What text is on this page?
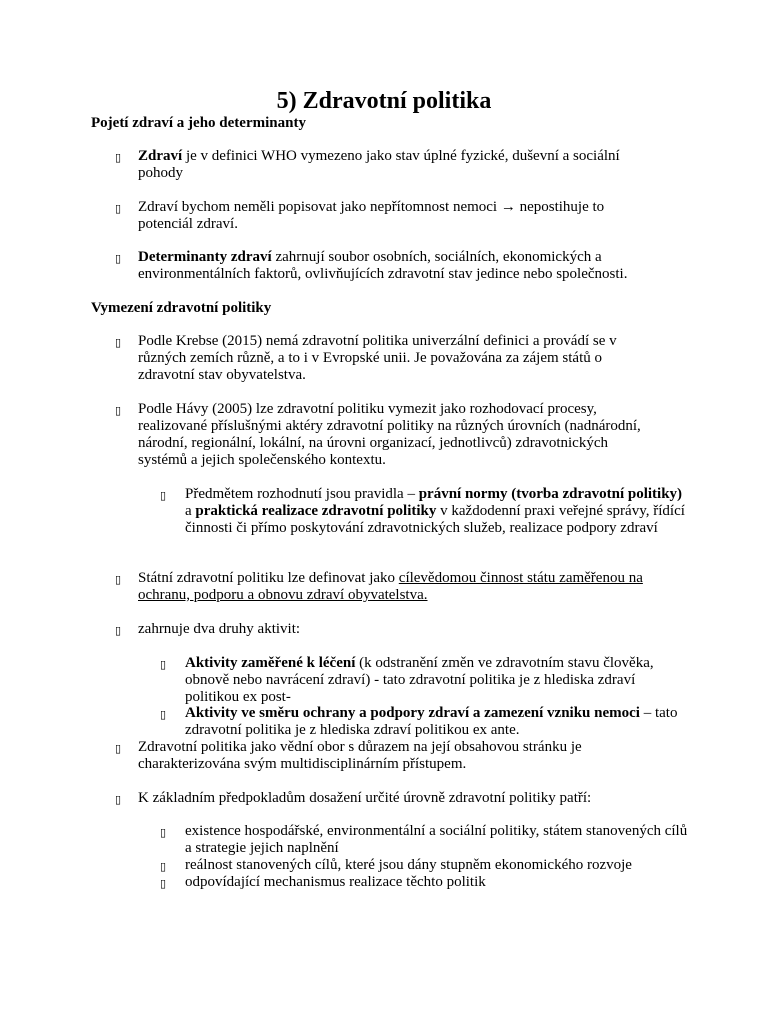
5) Zdravotní politika
Pojetí zdraví a jeho determinanty
▯ Zdraví je v definici WHO vymezeno jako stav úplné fyzické, duševní a sociální pohody
▯ Zdraví bychom neměli popisovat jako nepřítomnost nemoci → nepostihuje to potenciál zdraví.
▯ Determinanty zdraví zahrnují soubor osobních, sociálních, ekonomických a environmentálních faktorů, ovlivňujících zdravotní stav jedince nebo společnosti.
Vymezení zdravotní politiky
▯ Podle Krebse (2015) nemá zdravotní politika univerzální definici a provádí se v různých zemích různě, a to i v Evropské unii. Je považována za zájem států o zdravotní stav obyvatelstva.
▯ Podle Hávy (2005) lze zdravotní politiku vymezit jako rozhodovací procesy, realizované příslušnými aktéry zdravotní politiky na různých úrovních (nadnárodní, národní, regionální, lokální, na úrovni organizací, jednotlivců) zdravotnických systémů a jejich společenského kontextu.
▯ Předmětem rozhodnutí jsou pravidla – právní normy (tvorba zdravotní politiky) a praktická realizace zdravotní politiky v každodenní praxi veřejné správy, řídící činnosti či přímo poskytování zdravotnických služeb, realizace podpory zdraví
▯ Státní zdravotní politiku lze definovat jako cílevědomou činnost státu zaměřenou na ochranu, podporu a obnovu zdraví obyvatelstva.
▯ zahrnuje dva druhy aktivit:
▯ Aktivity zaměřené k léčení (k odstranění změn ve zdravotním stavu člověka, obnově nebo navrácení zdraví) - tato zdravotní politika je z hlediska zdraví politikou ex post-
▯ Aktivity ve směru ochrany a podpory zdraví a zamezení vzniku nemoci – tato zdravotní politika je z hlediska zdraví politikou ex ante.
▯ Zdravotní politika jako vědní obor s důrazem na její obsahovou stránku je charakterizována svým multidisciplinárním přístupem.
▯ K základním předpokladům dosažení určité úrovně zdravotní politiky patří:
▯ existence hospodářské, environmentální a sociální politiky, státem stanovených cílů a strategie jejich naplnění
▯ reálnost stanovených cílů, které jsou dány stupněm ekonomického rozvoje
▯ odpovídající mechanismus realizace těchto politik
